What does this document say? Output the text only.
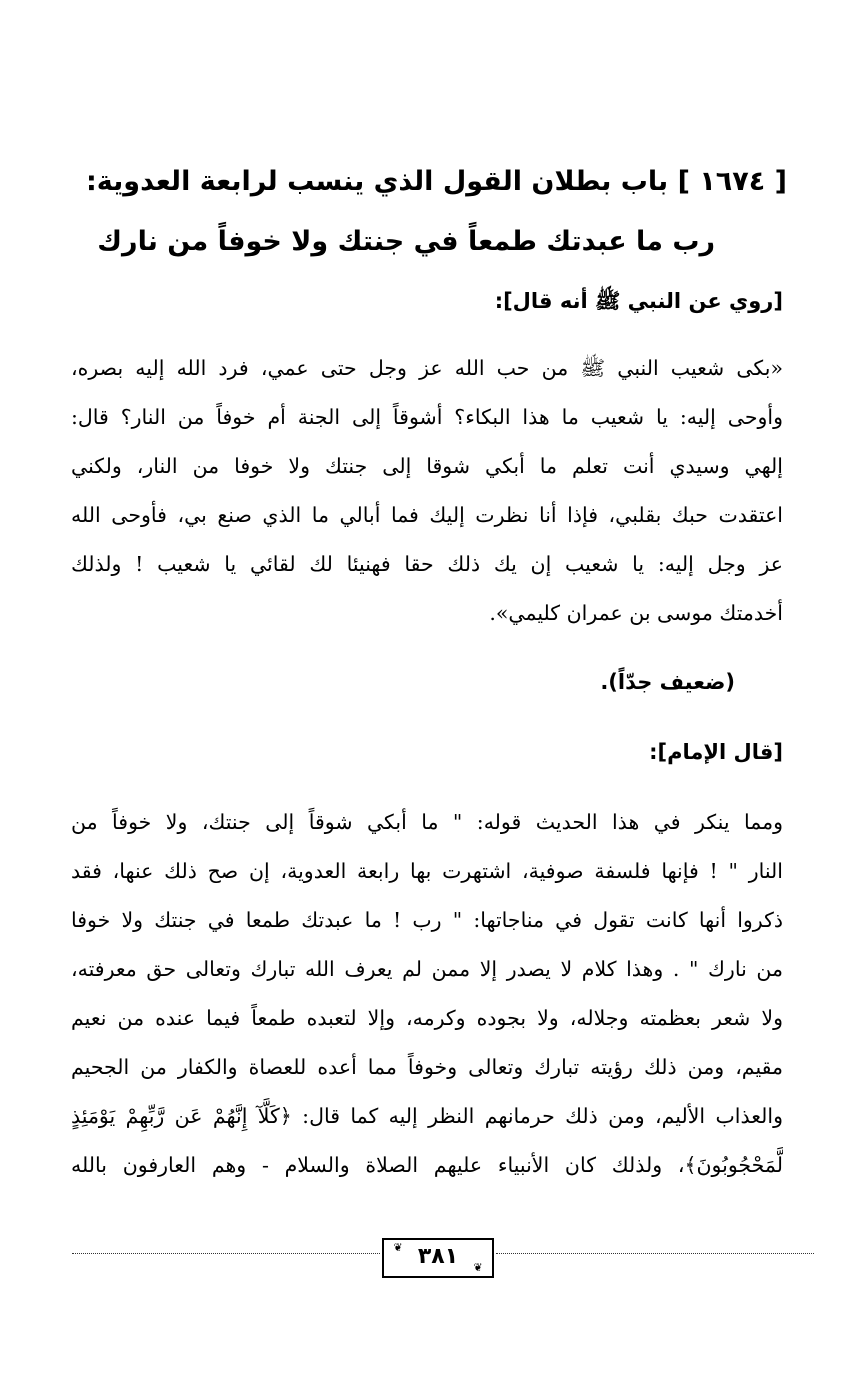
[ ١٦٧٤ ] باب بطلان القول الذي ينسب لرابعة العدوية:
رب ما عبدتك طمعاً في جنتك ولا خوفاً من نارك
[روي عن النبي ﷺ أنه قال]:
«بكى شعيب النبي ﷺ من حب الله عز وجل حتى عمي، فرد الله إليه بصره،
وأوحى إليه: يا شعيب ما هذا البكاء؟ أشوقاً إلى الجنة أم خوفاً من النار؟ قال:
إلهي وسيدي أنت تعلم ما أبكي شوقا إلى جنتك ولا خوفا من النار، ولكني
اعتقدت حبك بقلبي، فإذا أنا نظرت إليك فما أبالي ما الذي صنع بي، فأوحى الله
عز وجل إليه: يا شعيب إن يك ذلك حقا فهنيئا لك لقائي يا شعيب ! ولذلك
أخدمتك موسى بن عمران كليمي».
(ضعيف جدّاً).
[قال الإمام]:
ومما ينكر في هذا الحديث قوله: " ما أبكي شوقاً إلى جنتك، ولا خوفاً من
النار " ! فإنها فلسفة صوفية، اشتهرت بها رابعة العدوية، إن صح ذلك عنها، فقد
ذكروا أنها كانت تقول في مناجاتها: " رب ! ما عبدتك طمعا في جنتك ولا خوفا
من نارك " . وهذا كلام لا يصدر إلا ممن لم يعرف الله تبارك وتعالى حق معرفته،
ولا شعر بعظمته وجلاله، ولا بجوده وكرمه، وإلا لتعبده طمعاً فيما عنده من نعيم
مقيم، ومن ذلك رؤيته تبارك وتعالى وخوفاً مما أعده للعصاة والكفار من الجحيم
والعذاب الأليم، ومن ذلك حرمانهم النظر إليه كما قال: ﴿كَلَّآ إِنَّهُمْ عَن رَّبِّهِمْ يَوْمَئِذٍ
لَّمَحْجُوبُونَ﴾، ولذلك كان الأنبياء عليهم الصلاة والسلام - وهم العارفون بالله
❦
❦
٣٨١
